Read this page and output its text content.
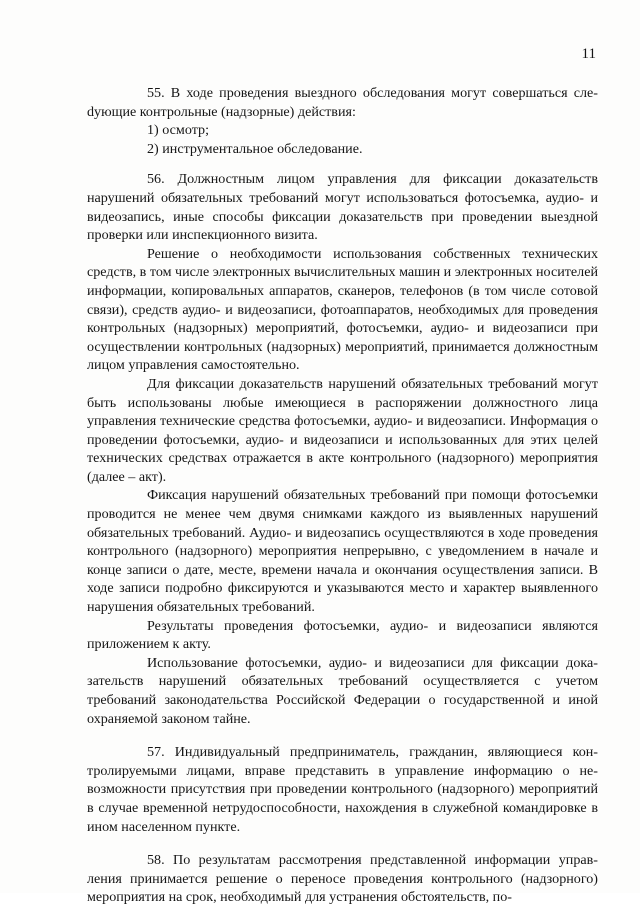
11

55. В ходе проведения выездного обследования могут совершаться слеdующие контрольные (надзорные) действия:

1) осмотр;

2) инструментальное обследование.

56. Должностным лицом управления для фиксации доказательств нарушений обязательных требований могут использоваться фотосъемка, аудио- и видеозапись, иные способы фиксации доказательств при проведении выездной проверки или инспекционного визита.

Решение о необходимости использования собственных технических средств, в том числе электронных вычислительных машин и электронных носителей информации, копировальных аппаратов, сканеров, телефонов (в том числе сотовой связи), средств аудио- и видеозаписи, фотоаппаратов, необходимых для проведения контрольных (надзорных) мероприятий, фотосъемки, аудио- и видеозаписи при осуществлении контрольных (надзорных) мероприятий, принимается должностным лицом управления самостоятельно.

Для фиксации доказательств нарушений обязательных требований могут быть использованы любые имеющиеся в распоряжении должностного лица управления технические средства фотосъемки, аудио- и видеозаписи. Информация о проведении фотосъемки, аудио- и видеозаписи и использованных для этих целей технических средствах отражается в акте контрольного (надзорного) мероприятия (далее – акт).

Фиксация нарушений обязательных требований при помощи фотосъемки проводится не менее чем двумя снимками каждого из выявленных нарушений обязательных требований. Аудио- и видеозапись осуществляются в ходе проведения контрольного (надзорного) мероприятия непрерывно, с уведомлением в начале и конце записи о дате, месте, времени начала и окончания осуществления записи. В ходе записи подробно фиксируются и указываются место и характер выявленного нарушения обязательных требований.

Результаты проведения фотосъемки, аудио- и видеозаписи являются приложением к акту.

Использование фотосъемки, аудио- и видеозаписи для фиксации доказательств нарушений обязательных требований осуществляется с учетом требований законодательства Российской Федерации о государственной и иной охраняемой законом тайне.

57. Индивидуальный предприниматель, гражданин, являющиеся контролируемыми лицами, вправе представить в управление информацию о невозможности присутствия при проведении контрольного (надзорного) мероприятий в случае временной нетрудоспособности, нахождения в служебной командировке в ином населенном пункте.

58. По результатам рассмотрения представленной информации управления принимается решение о переносе проведения контрольного (надзорного) мероприятия на срок, необходимый для устранения обстоятельств, по-
